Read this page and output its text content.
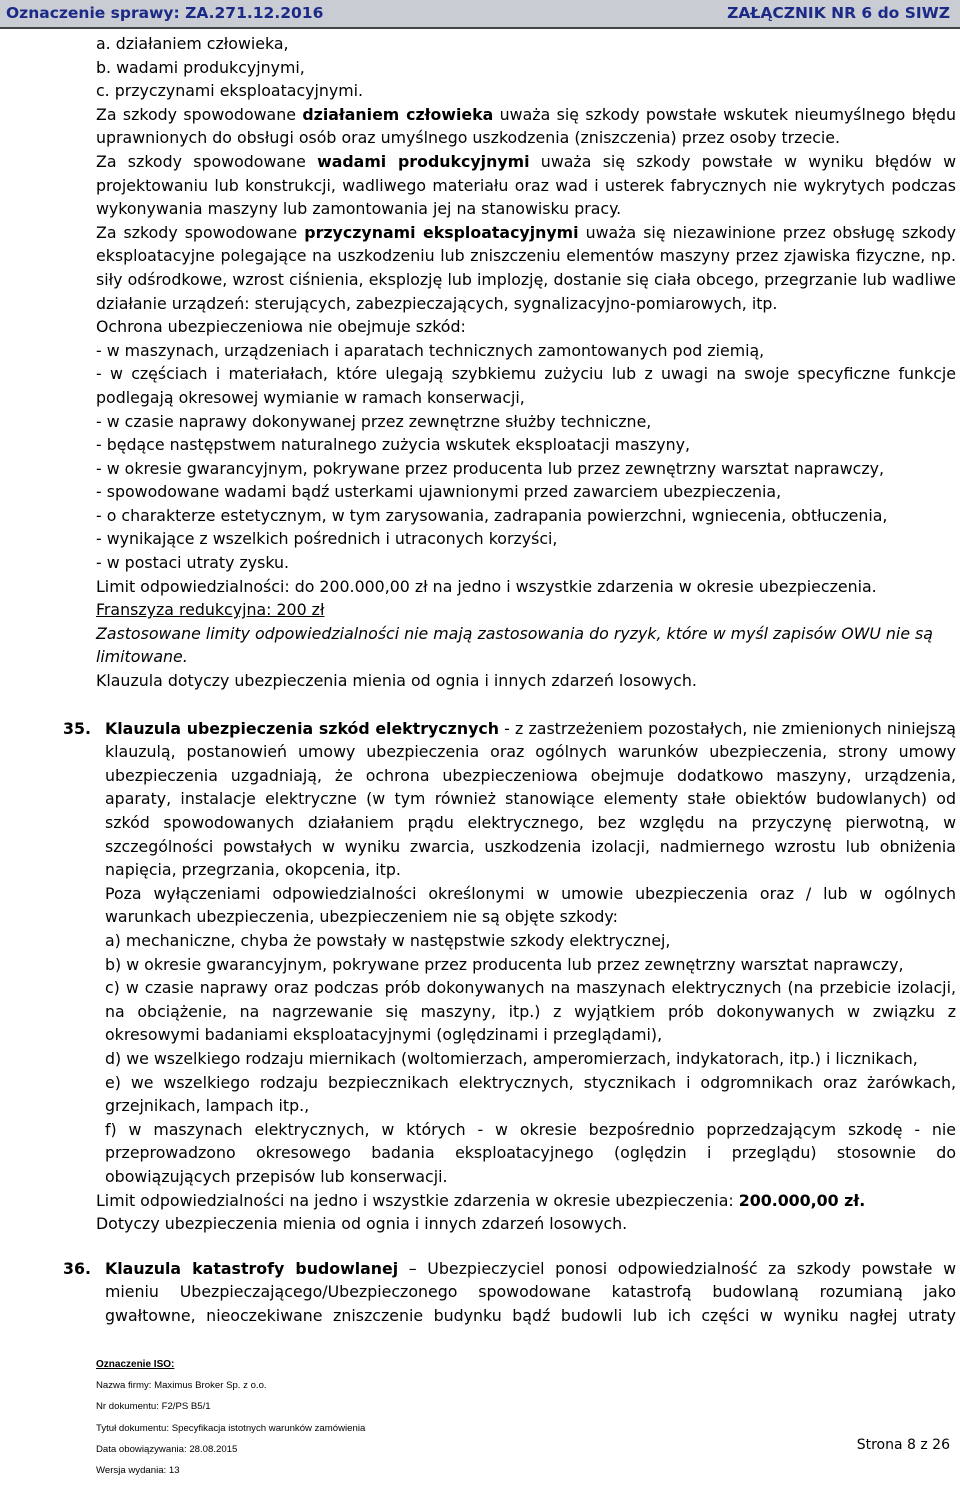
Oznaczenie sprawy: ZA.271.12.2016	ZAŁĄCZNIK NR 6 do SIWZ

a. działaniem człowieka,

b. wadami produkcyjnymi,

c. przyczynami eksploatacyjnymi.

Za szkody spowodowane działaniem człowieka uważa się szkody powstałe wskutek nieumyślnego błędu uprawnionych do obsługi osób oraz umyślnego uszkodzenia (zniszczenia) przez osoby trzecie.

Za szkody spowodowane wadami produkcyjnymi uważa się szkody powstałe w wyniku błędów w projektowaniu lub konstrukcji, wadliwego materiału oraz wad i usterek fabrycznych nie wykrytych podczas wykonywania maszyny lub zamontowania jej na stanowisku pracy.

Za szkody spowodowane przyczynami eksploatacyjnymi uważa się niezawinione przez obsługę szkody eksploatacyjne polegające na uszkodzeniu lub zniszczeniu elementów maszyny przez zjawiska fizyczne, np. siły odśrodkowe, wzrost ciśnienia, eksplozję lub implozję, dostanie się ciała obcego, przegrzanie lub wadliwe działanie urządzeń: sterujących, zabezpieczających, sygnalizacyjno-pomiarowych, itp.

Ochrona ubezpieczeniowa nie obejmuje szkód:

- w maszynach, urządzeniach i aparatach technicznych zamontowanych pod ziemią,

- w częściach i materiałach, które ulegają szybkiemu zużyciu lub z uwagi na swoje specyficzne funkcje podlegają okresowej wymianie w ramach konserwacji,

- w czasie naprawy dokonywanej przez zewnętrzne służby techniczne,

- będące następstwem naturalnego zużycia wskutek eksploatacji maszyny,

- w okresie gwarancyjnym, pokrywane przez producenta lub przez zewnętrzny warsztat naprawczy,

- spowodowane wadami bądź usterkami ujawnionymi przed zawarciem ubezpieczenia,

- o charakterze estetycznym, w tym zarysowania, zadrapania powierzchni, wgniecenia, obtłuczenia,

- wynikające z wszelkich pośrednich i utraconych korzyści,

- w postaci utraty zysku.

Limit odpowiedzialności: do 200.000,00 zł na jedno i wszystkie zdarzenia w okresie ubezpieczenia.

Franszyza redukcyjna: 200 zł

Zastosowane limity odpowiedzialności nie mają zastosowania do ryzyk, które w myśl zapisów OWU nie są limitowane.

Klauzula dotyczy ubezpieczenia mienia od ognia i innych zdarzeń losowych.

35. Klauzula ubezpieczenia szkód elektrycznych - z zastrzeżeniem pozostałych, nie zmienionych niniejszą klauzulą, postanowień umowy ubezpieczenia oraz ogólnych warunków ubezpieczenia, strony umowy ubezpieczenia uzgadniają, że ochrona ubezpieczeniowa obejmuje dodatkowo maszyny, urządzenia, aparaty, instalacje elektryczne (w tym również stanowiące elementy stałe obiektów budowlanych) od szkód spowodowanych działaniem prądu elektrycznego, bez względu na przyczynę pierwotną, w szczególności powstałych w wyniku zwarcia, uszkodzenia izolacji, nadmiernego wzrostu lub obniżenia napięcia, przegrzania, okopcenia, itp.

Poza wyłączeniami odpowiedzialności określonymi w umowie ubezpieczenia oraz / lub w ogólnych warunkach ubezpieczenia, ubezpieczeniem nie są objęte szkody:

a) mechaniczne, chyba że powstały w następstwie szkody elektrycznej,

b) w okresie gwarancyjnym, pokrywane przez producenta lub przez zewnętrzny warsztat naprawczy,

c) w czasie naprawy oraz podczas prób dokonywanych na maszynach elektrycznych (na przebicie izolacji, na obciążenie, na nagrzewanie się maszyny, itp.) z wyjątkiem prób dokonywanych w związku z okresowymi badaniami eksploatacyjnymi (oględzinami i przeglądami),

d) we wszelkiego rodzaju miernikach (woltomierzach, amperomierzach, indykatorach, itp.) i licznikach,

e) we wszelkiego rodzaju bezpiecznikach elektrycznych, stycznikach i odgromnikach oraz żarówkach, grzejnikach, lampach itp.,

f) w maszynach elektrycznych, w których - w okresie bezpośrednio poprzedzającym szkodę - nie przeprowadzono okresowego badania eksploatacyjnego (oględzin i przeglądu) stosownie do obowiązujących przepisów lub konserwacji.

Limit odpowiedzialności na jedno i wszystkie zdarzenia w okresie ubezpieczenia: 200.000,00 zł.

Dotyczy ubezpieczenia mienia od ognia i innych zdarzeń losowych.

36. Klauzula katastrofy budowlanej – Ubezpieczyciel ponosi odpowiedzialność za szkody powstałe w mieniu Ubezpieczającego/Ubezpieczonego spowodowane katastrofą budowlaną rozumianą jako gwałtowne, nieoczekiwane zniszczenie budynku bądź budowli lub ich części w wyniku nagłej utraty

Oznaczenie ISO:

Nazwa firmy: Maximus Broker Sp. z o.o.

Nr dokumentu: F2/PS B5/1

Tytuł dokumentu: Specyfikacja istotnych warunków zamówienia

Data obowiązywania: 28.08.2015

Wersja wydania: 13

Strona 8 z 26
